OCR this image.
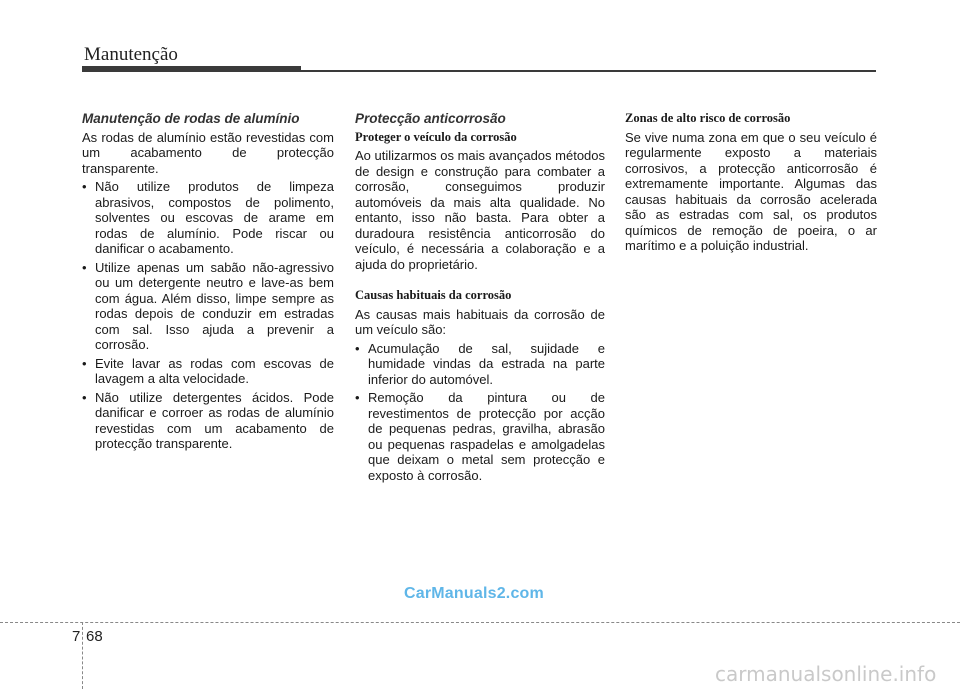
Manutenção
Manutenção de rodas de alumínio

As rodas de alumínio estão revestidas com um acabamento de protecção transparente.

• Não utilize produtos de limpeza abrasivos, compostos de polimento, solventes ou escovas de arame em rodas de alumínio. Pode riscar ou danificar o acabamento.
• Utilize apenas um sabão não-agressivo ou um detergente neutro e lave-as bem com água. Além disso, limpe sempre as rodas depois de conduzir em estradas com sal. Isso ajuda a prevenir a corrosão.
• Evite lavar as rodas com escovas de lavagem a alta velocidade.
• Não utilize detergentes ácidos. Pode danificar e corroer as rodas de alumínio revestidas com um acabamento de protecção transparente.
Protecção anticorrosão
Proteger o veículo da corrosão

Ao utilizarmos os mais avançados métodos de design e construção para combater a corrosão, conseguimos produzir automóveis da mais alta qualidade. No entanto, isso não basta. Para obter a duradoura resistência anticorrosão do veículo, é necessária a colaboração e a ajuda do proprietário.

Causas habituais da corrosão

As causas mais habituais da corrosão de um veículo são:

• Acumulação de sal, sujidade e humidade vindas da estrada na parte inferior do automóvel.
• Remoção da pintura ou de revestimentos de protecção por acção de pequenas pedras, gravilha, abrasão ou pequenas raspadelas e amolgadelas que deixam o metal sem protecção e exposto à corrosão.
Zonas de alto risco de corrosão

Se vive numa zona em que o seu veículo é regularmente exposto a materiais corrosivos, a protecção anticorrosão é extremamente importante. Algumas das causas habituais da corrosão acelerada são as estradas com sal, os produtos químicos de remoção de poeira, o ar marítimo e a poluição industrial.

CarManuals2.com
7 68
carmanualsonline.info
